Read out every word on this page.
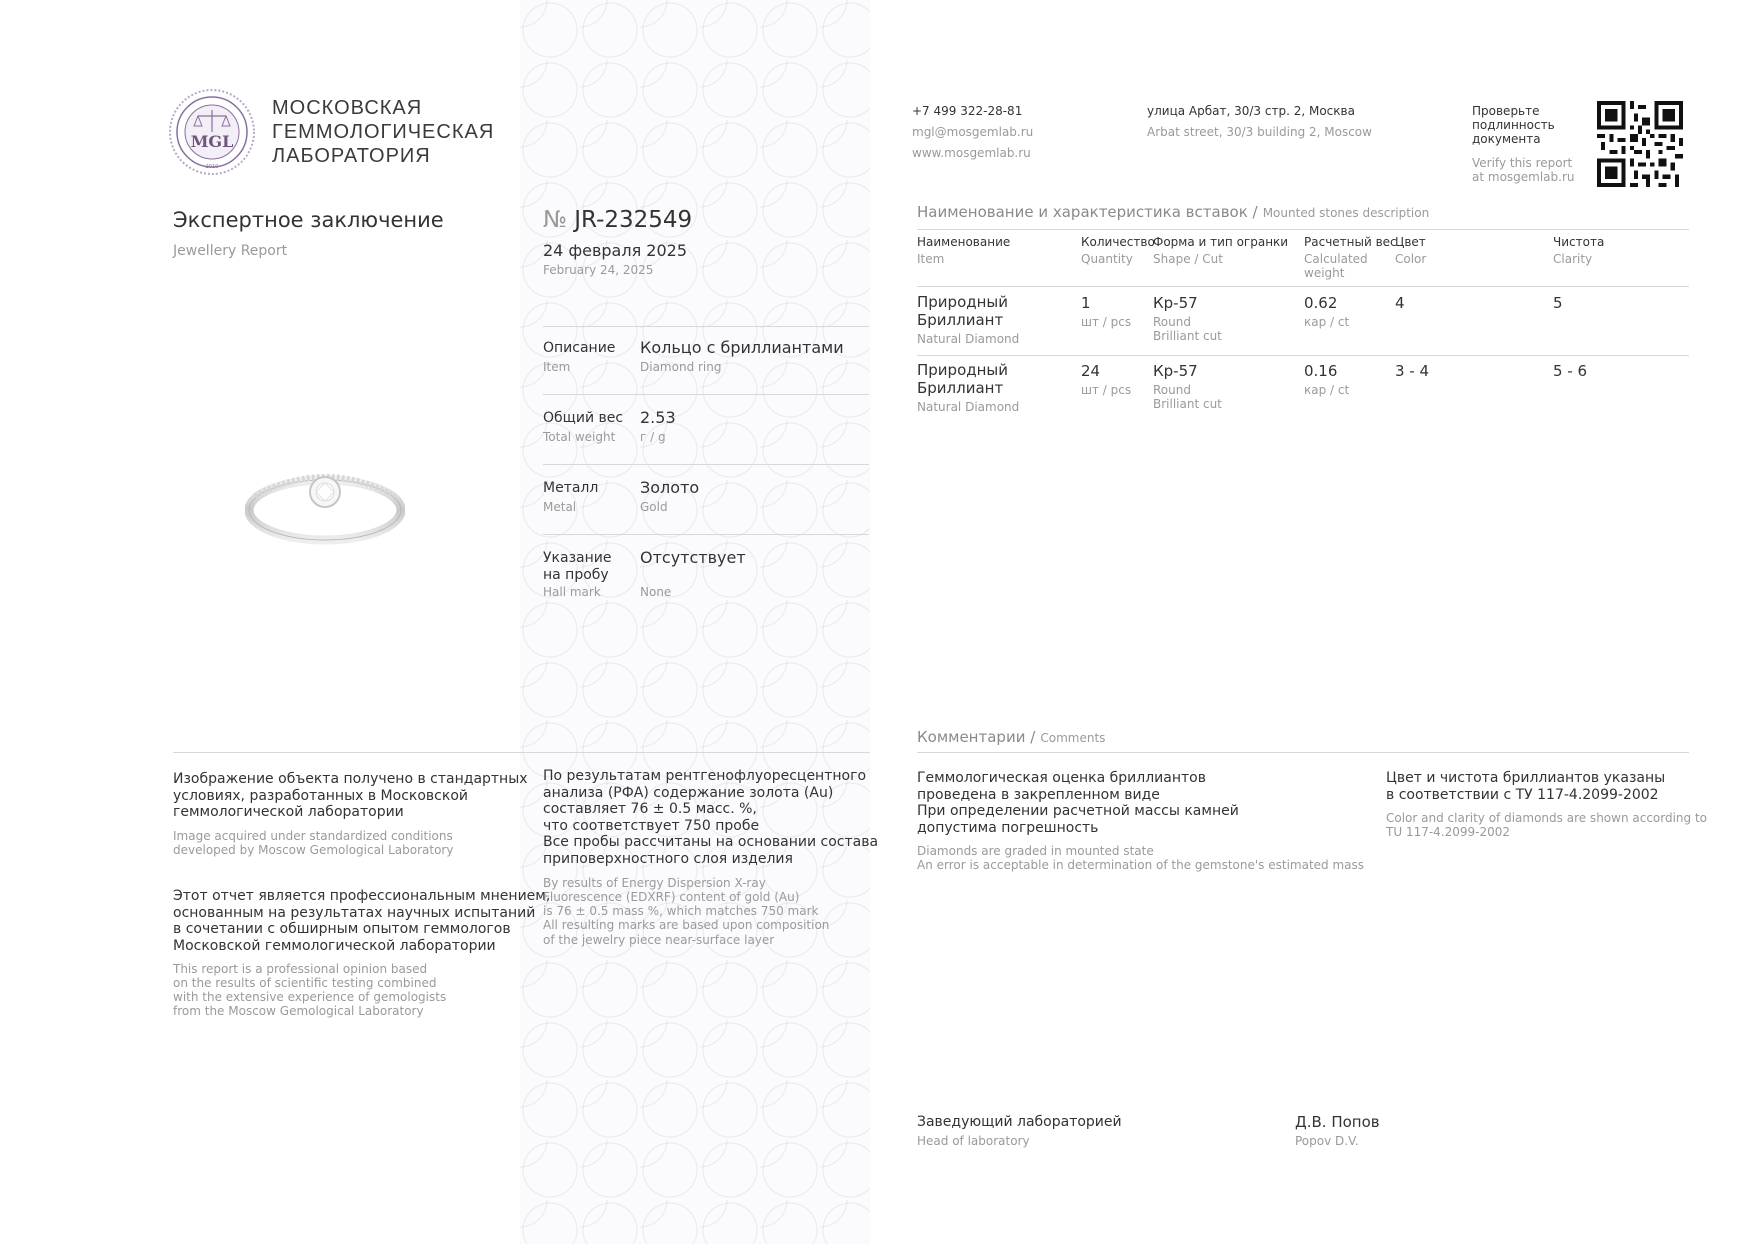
MGL
2010
МОСКОВСКАЯ
ГЕММОЛОГИЧЕСКАЯ
ЛАБОРАТОРИЯ
+7 499 322-28-81
mgl@mosgemlab.ru
www.mosgemlab.ru
улица Арбат, 30/3 стр. 2, Москва
Arbat street, 30/3 building 2, Moscow
Проверьте
подлинность
документа
Verify this report
at mosgemlab.ru
Экспертное заключение
Jewellery Report
№ JR-232549
24 февраля 2025
February 24, 2025
Описание
Item
Кольцо с бриллиантами
Diamond ring
Общий вес
Total weight
2.53
г / g
Металл
Metal
Золото
Gold
Указание
на пробу
Hall mark
Отсутствует
None
Наименование и характеристика вставок / Mounted stones description
Наименование
Item
Количество
Quantity
Форма и тип огранки
Shape / Cut
Расчетный вес
Calculated
weight
Цвет
Color
Чистота
Clarity
Природный
Бриллиант
Natural Diamond
1
шт / pcs
Кр-57
Round
Brilliant cut
0.62
кар / ct
4	5
Природный
Бриллиант
Natural Diamond
24
шт / pcs
Кр-57
Round
Brilliant cut
0.16
кар / ct
3 - 4	5 - 6
Комментарии / Comments
Геммологическая оценка бриллиантов
проведена в закрепленном виде
При определении расчетной массы камней
допустима погрешность
Diamonds are graded in mounted state
An error is acceptable in determination of the gemstone's estimated mass
Цвет и чистота бриллиантов указаны
в соответствии с ТУ 117-4.2099-2002
Color and clarity of diamonds are shown according to
TU 117-4.2099-2002
Изображение объекта получено в стандартных
условиях, разработанных в Московской
геммологической лаборатории
Image acquired under standardized conditions
developed by Moscow Gemological Laboratory
Этот отчет является профессиональным мнением,
основанным на результатах научных испытаний
в сочетании с обширным опытом геммологов
Московской геммологической лаборатории
This report is a professional opinion based
on the results of scientific testing combined
with the extensive experience of gemologists
from the Moscow Gemological Laboratory
По результатам рентгенофлуоресцентного
анализа (РФА) содержание золота (Au)
составляет 76 ± 0.5 масс. %,
что соответствует 750 пробе
Все пробы рассчитаны на основании состава
приповерхностного слоя изделия
By results of Energy Dispersion X-ray
Fluorescence (EDXRF) content of gold (Au)
is 76 ± 0.5 mass %, which matches 750 mark
All resulting marks are based upon composition
of the jewelry piece near-surface layer
Заведующий лабораторией
Head of laboratory
Д.В. Попов
Popov D.V.
